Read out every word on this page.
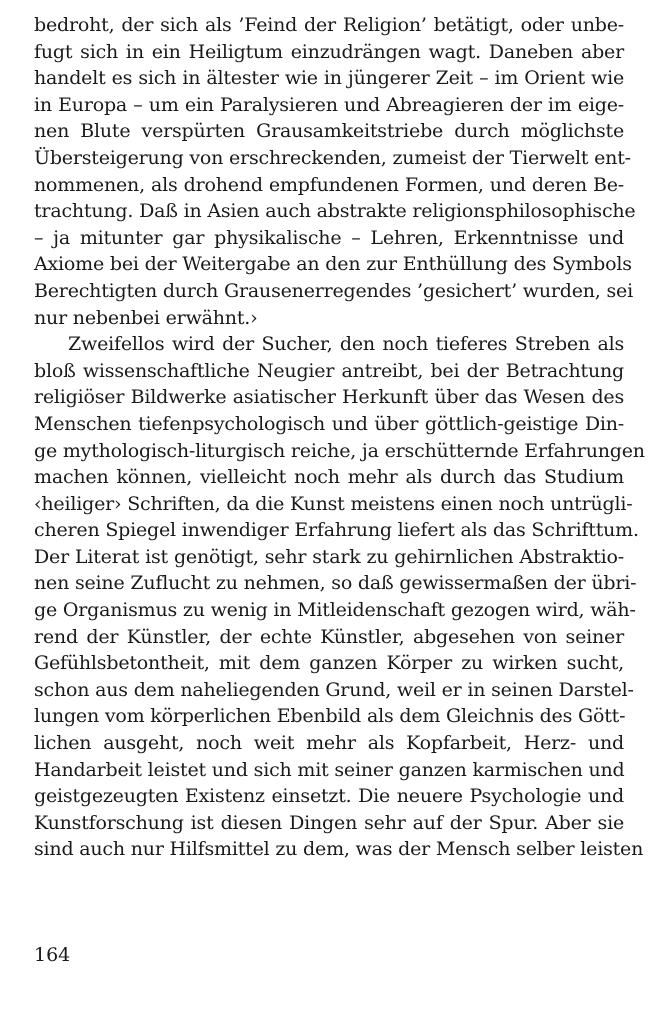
bedroht, der sich als ’Feind der Religion’ betätigt, oder unbe-
fugt sich in ein Heiligtum einzudrängen wagt. Daneben aber
handelt es sich in ältester wie in jüngerer Zeit – im Orient wie
in Europa – um ein Paralysieren und Abreagieren der im eige-
nen Blute verspürten Grausamkeitstriebe durch möglichste
Übersteigerung von erschreckenden, zumeist der Tierwelt ent-
nommenen, als drohend empfundenen Formen, und deren Be-
trachtung. Daß in Asien auch abstrakte religionsphilosophische
– ja mitunter gar physikalische – Lehren, Erkenntnisse und
Axiome bei der Weitergabe an den zur Enthüllung des Symbols
Berechtigten durch Grausenerregendes ’gesichert’ wurden, sei
nur nebenbei erwähnt.›
Zweifellos wird der Sucher, den noch tieferes Streben als
bloß wissenschaftliche Neugier antreibt, bei der Betrachtung
religiöser Bildwerke asiatischer Herkunft über das Wesen des
Menschen tiefenpsychologisch und über göttlich-geistige Din-
ge mythologisch-liturgisch reiche, ja erschütternde Erfahrungen
machen können, vielleicht noch mehr als durch das Studium
‹heiliger› Schriften, da die Kunst meistens einen noch untrügli-
cheren Spiegel inwendiger Erfahrung liefert als das Schrifttum.
Der Literat ist genötigt, sehr stark zu gehirnlichen Abstraktio-
nen seine Zuflucht zu nehmen, so daß gewissermaßen der übri-
ge Organismus zu wenig in Mitleidenschaft gezogen wird, wäh-
rend der Künstler, der echte Künstler, abgesehen von seiner
Gefühlsbetontheit, mit dem ganzen Körper zu wirken sucht,
schon aus dem naheliegenden Grund, weil er in seinen Darstel-
lungen vom körperlichen Ebenbild als dem Gleichnis des Gött-
lichen ausgeht, noch weit mehr als Kopfarbeit, Herz- und
Handarbeit leistet und sich mit seiner ganzen karmischen und
geistgezeugten Existenz einsetzt. Die neuere Psychologie und
Kunstforschung ist diesen Dingen sehr auf der Spur. Aber sie
sind auch nur Hilfsmittel zu dem, was der Mensch selber leisten
164
